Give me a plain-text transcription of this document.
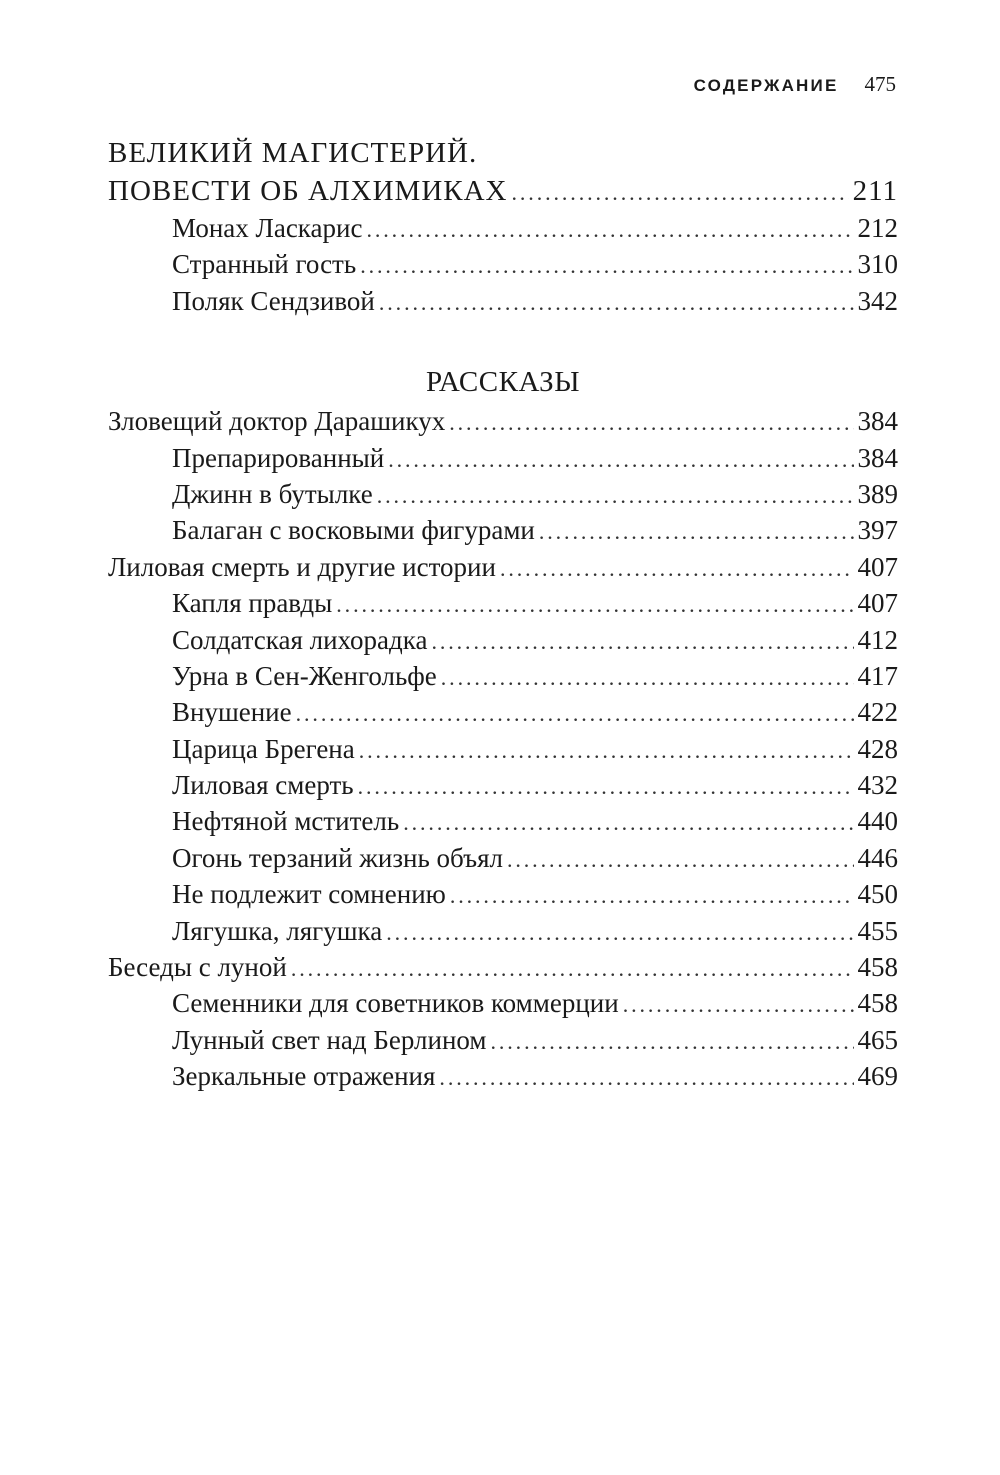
СОДЕРЖАНИЕ 475
ВЕЛИКИЙ МАГИСТЕРИЙ.
ПОВЕСТИ ОБ АЛХИМИКАХ . . .	211
Монах Ласкарис . . .	212
Странный гость . . .	310
Поляк Сендзивой . . .	342
РАССКАЗЫ
Зловещий доктор Дарашикух . . .	384
Препарированный . . .	384
Джинн в бутылке . . .	389
Балаган с восковыми фигурами . . .	397
Лиловая смерть и другие истории . . .	407
Капля правды . . .	407
Солдатская лихорадка . . .	412
Урна в Сен-Женгольфе . . .	417
Внушение . . .	422
Царица Брегена . . .	428
Лиловая смерть . . .	432
Нефтяной мститель . . .	440
Огонь терзаний жизнь объял . . .	446
Не подлежит сомнению . . .	450
Лягушка, лягушка . . .	455
Беседы с луной . . .	458
Семенники для советников коммерции . . .	458
Лунный свет над Берлином . . .	465
Зеркальные отражения . . .	469
